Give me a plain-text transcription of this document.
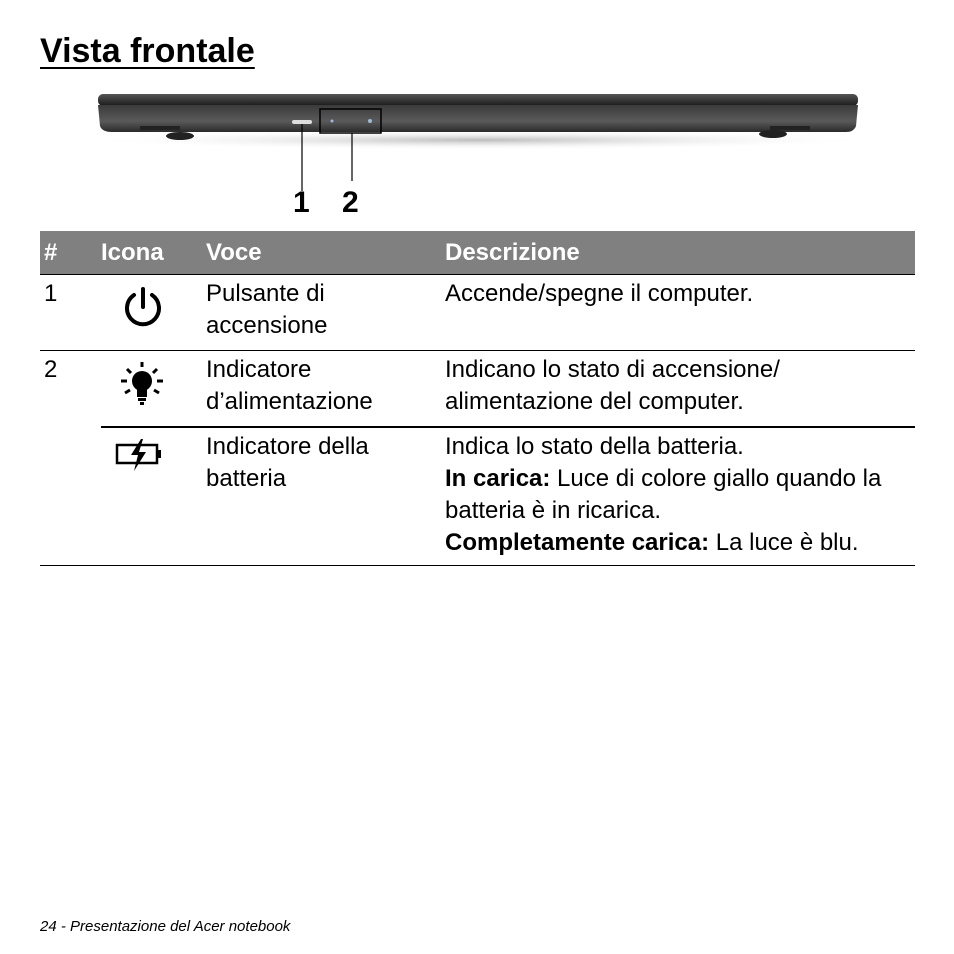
Vista frontale
1 2
#	Icona	Voce	Descrizione
1		Pulsante di accensione	Accende/spegne il computer.
2		Indicatore d’alimentazione	Indicano lo stato di accensione/ alimentazione del computer.
		Indicatore della batteria	Indica lo stato della batteria.
In carica: Luce di colore giallo quando la batteria è in ricarica.
Completamente carica: La luce è blu.
24 - Presentazione del Acer notebook
